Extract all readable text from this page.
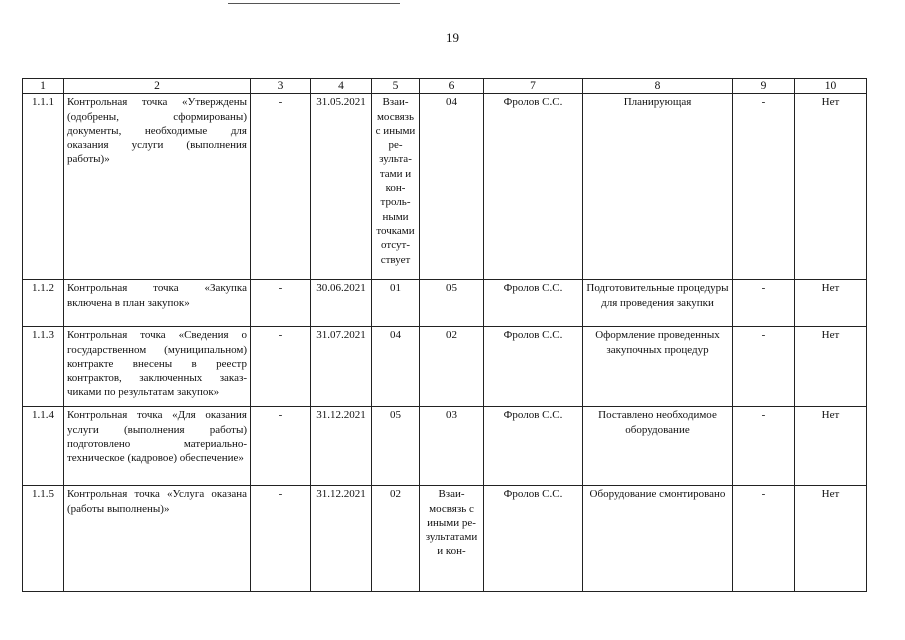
19
1	2	3	4	5	6	7	8	9	10
1.1.1	Контрольная точка «Утверждены (одобрены, сформированы) документы, необходимые для оказания услуги (выполнения работы)»	-	31.05.2021	Взаимосвязь с иными результатами и контрольными точками отсутствует	04	Фролов С.С.	Планирующая	-	Нет
1.1.2	Контрольная точка «Закупка включена в план закупок»	-	30.06.2021	01	05	Фролов С.С.	Подготовительные процедуры для проведения закупки	-	Нет
1.1.3	Контрольная точка «Сведения о государственном (муниципальном) контракте внесены в реестр контрактов, заключенных заказчиками по результатам закупок»	-	31.07.2021	04	02	Фролов С.С.	Оформление проведенных закупочных процедур	-	Нет
1.1.4	Контрольная точка «Для оказания услуги (выполнения работы) подготовлено материально-техническое (кадровое) обеспечение»	-	31.12.2021	05	03	Фролов С.С.	Поставлено необходимое оборудование	-	Нет
1.1.5	Контрольная точка «Услуга оказана (работы выполнены)»	-	31.12.2021	02	Взаимосвязь с иными результатами и кон-	Фролов С.С.	Оборудование смонтировано	-	Нет
